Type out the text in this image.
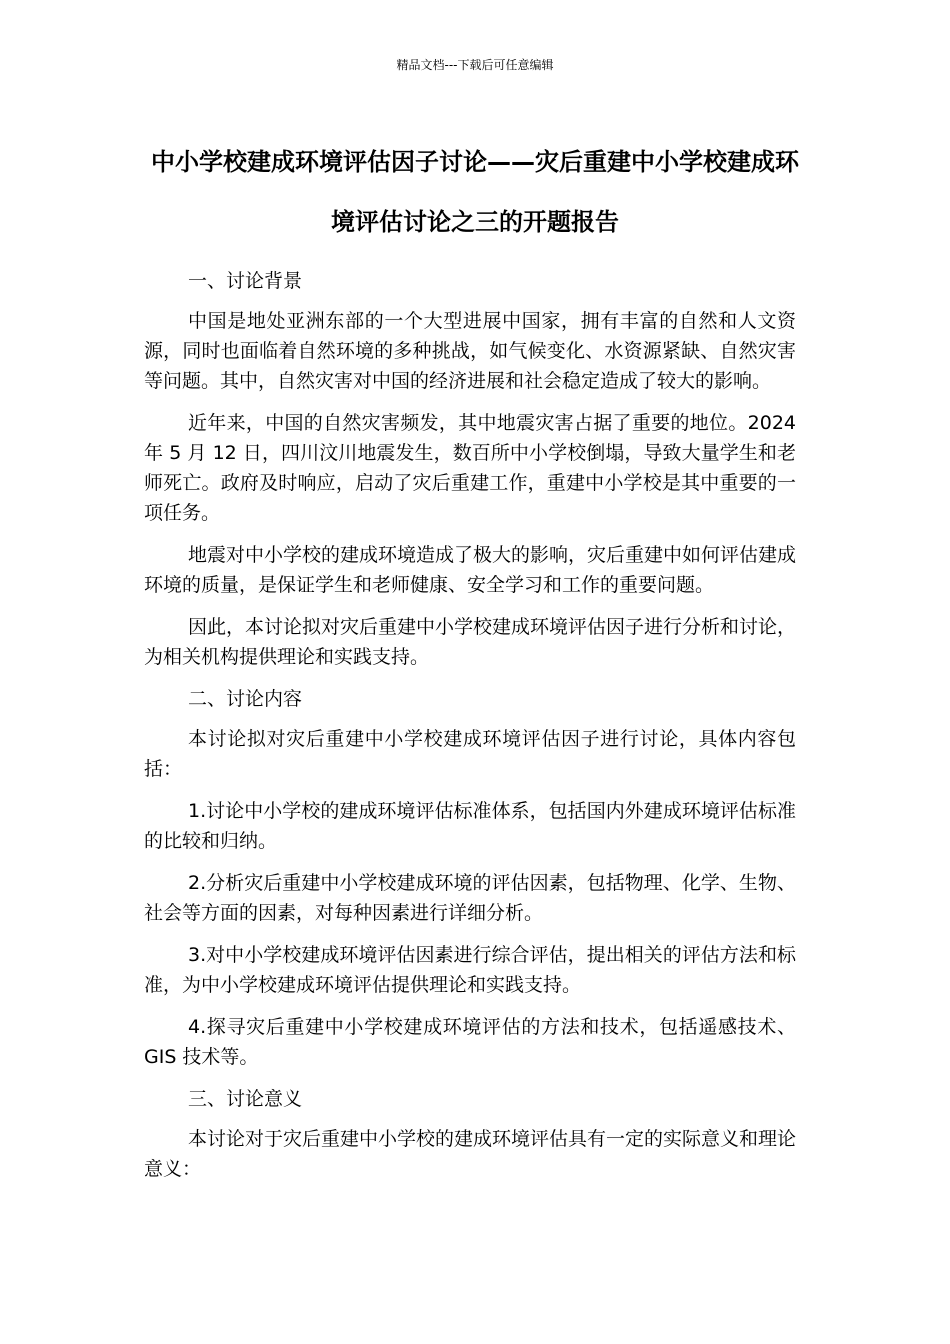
精品文档---下载后可任意编辑
中小学校建成环境评估因子讨论——灾后重建中小学校建成环境评估讨论之三的开题报告

一、讨论背景

中国是地处亚洲东部的一个大型进展中国家，拥有丰富的自然和人文资源，同时也面临着自然环境的多种挑战，如气候变化、水资源紧缺、自然灾害等问题。其中，自然灾害对中国的经济进展和社会稳定造成了较大的影响。

近年来，中国的自然灾害频发，其中地震灾害占据了重要的地位。2024 年 5 月 12 日，四川汶川地震发生，数百所中小学校倒塌，导致大量学生和老师死亡。政府及时响应，启动了灾后重建工作，重建中小学校是其中重要的一项任务。

地震对中小学校的建成环境造成了极大的影响，灾后重建中如何评估建成环境的质量，是保证学生和老师健康、安全学习和工作的重要问题。

因此，本讨论拟对灾后重建中小学校建成环境评估因子进行分析和讨论，为相关机构提供理论和实践支持。

二、讨论内容

本讨论拟对灾后重建中小学校建成环境评估因子进行讨论，具体内容包括：

1.讨论中小学校的建成环境评估标准体系，包括国内外建成环境评估标准的比较和归纳。

2.分析灾后重建中小学校建成环境的评估因素，包括物理、化学、生物、社会等方面的因素，对每种因素进行详细分析。

3.对中小学校建成环境评估因素进行综合评估，提出相关的评估方法和标准，为中小学校建成环境评估提供理论和实践支持。

4.探寻灾后重建中小学校建成环境评估的方法和技术，包括遥感技术、GIS 技术等。

三、讨论意义

本讨论对于灾后重建中小学校的建成环境评估具有一定的实际意义和理论意义：
